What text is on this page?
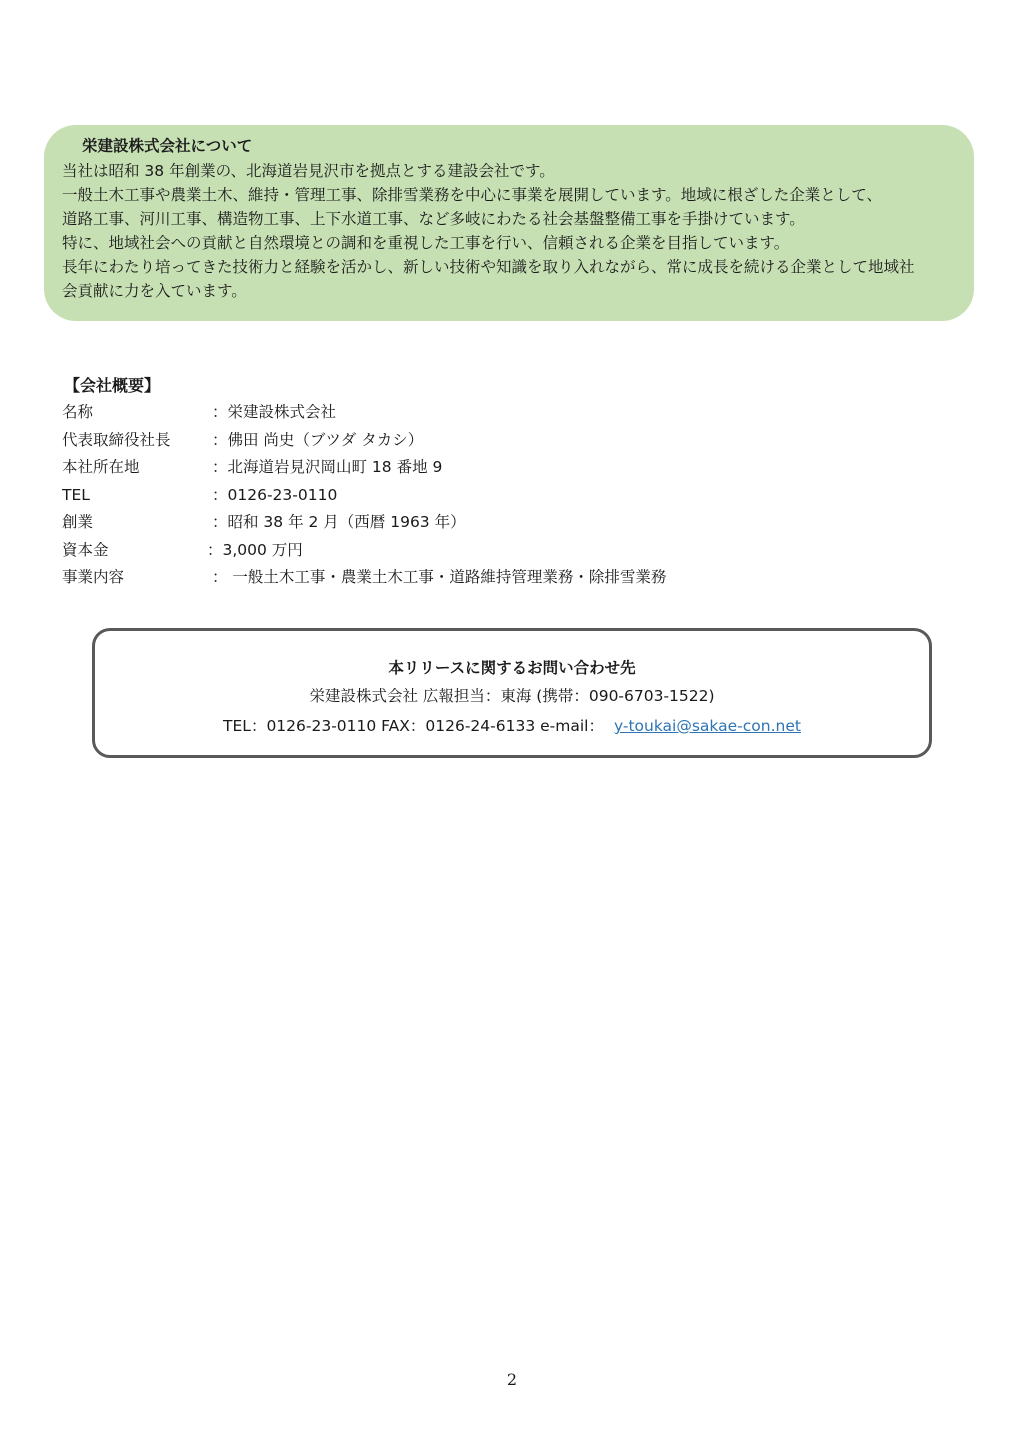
栄建設株式会社について
当社は昭和 38 年創業の、北海道岩見沢市を拠点とする建設会社です。
一般土木工事や農業土木、維持・管理工事、除排雪業務を中心に事業を展開しています。地域に根ざした企業として、
道路工事、河川工事、構造物工事、上下水道工事、など多岐にわたる社会基盤整備工事を手掛けています。
特に、地域社会への貢献と自然環境との調和を重視した工事を行い、信頼される企業を目指しています。
長年にわたり培ってきた技術力と経験を活かし、新しい技術や知識を取り入れながら、常に成長を続ける企業として地域社
会貢献に力を入ています。
【会社概要】
名称	：栄建設株式会社
代表取締役社長	：佛田 尚史（ブツダ タカシ）
本社所在地	：北海道岩見沢岡山町 18 番地 9
TEL	：0126-23-0110
創業	：昭和 38 年 2 月（西暦 1963 年）
資本金	：3,000 万円
事業内容	： 一般土木工事・農業土木工事・道路維持管理業務・除排雪業務
本リリースに関するお問い合わせ先
栄建設株式会社 広報担当：東海 (携帯：090-6703-1522)
TEL：0126-23-0110 FAX：0126-24-6133 e-mail： y-toukai@sakae-con.net
2
